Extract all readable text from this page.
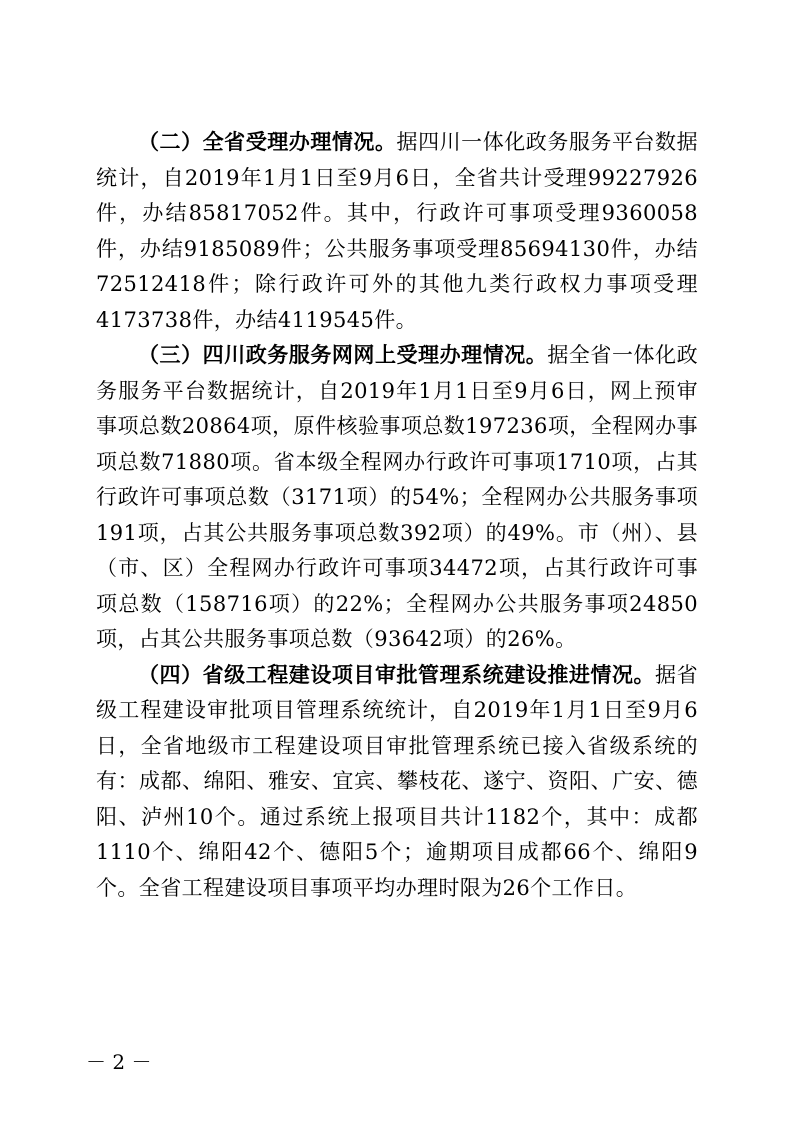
（二）全省受理办理情况。据四川一体化政务服务平台数据统计，自2019年1月1日至9月6日，全省共计受理99227926件，办结85817052件。其中，行政许可事项受理9360058件，办结9185089件；公共服务事项受理85694130件，办结72512418件；除行政许可外的其他九类行政权力事项受理4173738件，办结4119545件。

（三）四川政务服务网网上受理办理情况。据全省一体化政务服务平台数据统计，自2019年1月1日至9月6日，网上预审事项总数20864项，原件核验事项总数197236项，全程网办事项总数71880项。省本级全程网办行政许可事项1710项，占其行政许可事项总数（3171项）的54%；全程网办公共服务事项191项，占其公共服务事项总数392项）的49%。市（州）、县（市、区）全程网办行政许可事项34472项，占其行政许可事项总数（158716项）的22%；全程网办公共服务事项24850项，占其公共服务事项总数（93642项）的26%。

（四）省级工程建设项目审批管理系统建设推进情况。据省级工程建设审批项目管理系统统计，自2019年1月1日至9月6日，全省地级市工程建设项目审批管理系统已接入省级系统的有：成都、绵阳、雅安、宜宾、攀枝花、遂宁、资阳、广安、德阳、泸州10个。通过系统上报项目共计1182个，其中：成都1110个、绵阳42个、德阳5个；逾期项目成都66个、绵阳9个。全省工程建设项目事项平均办理时限为26个工作日。

－ 2 －
